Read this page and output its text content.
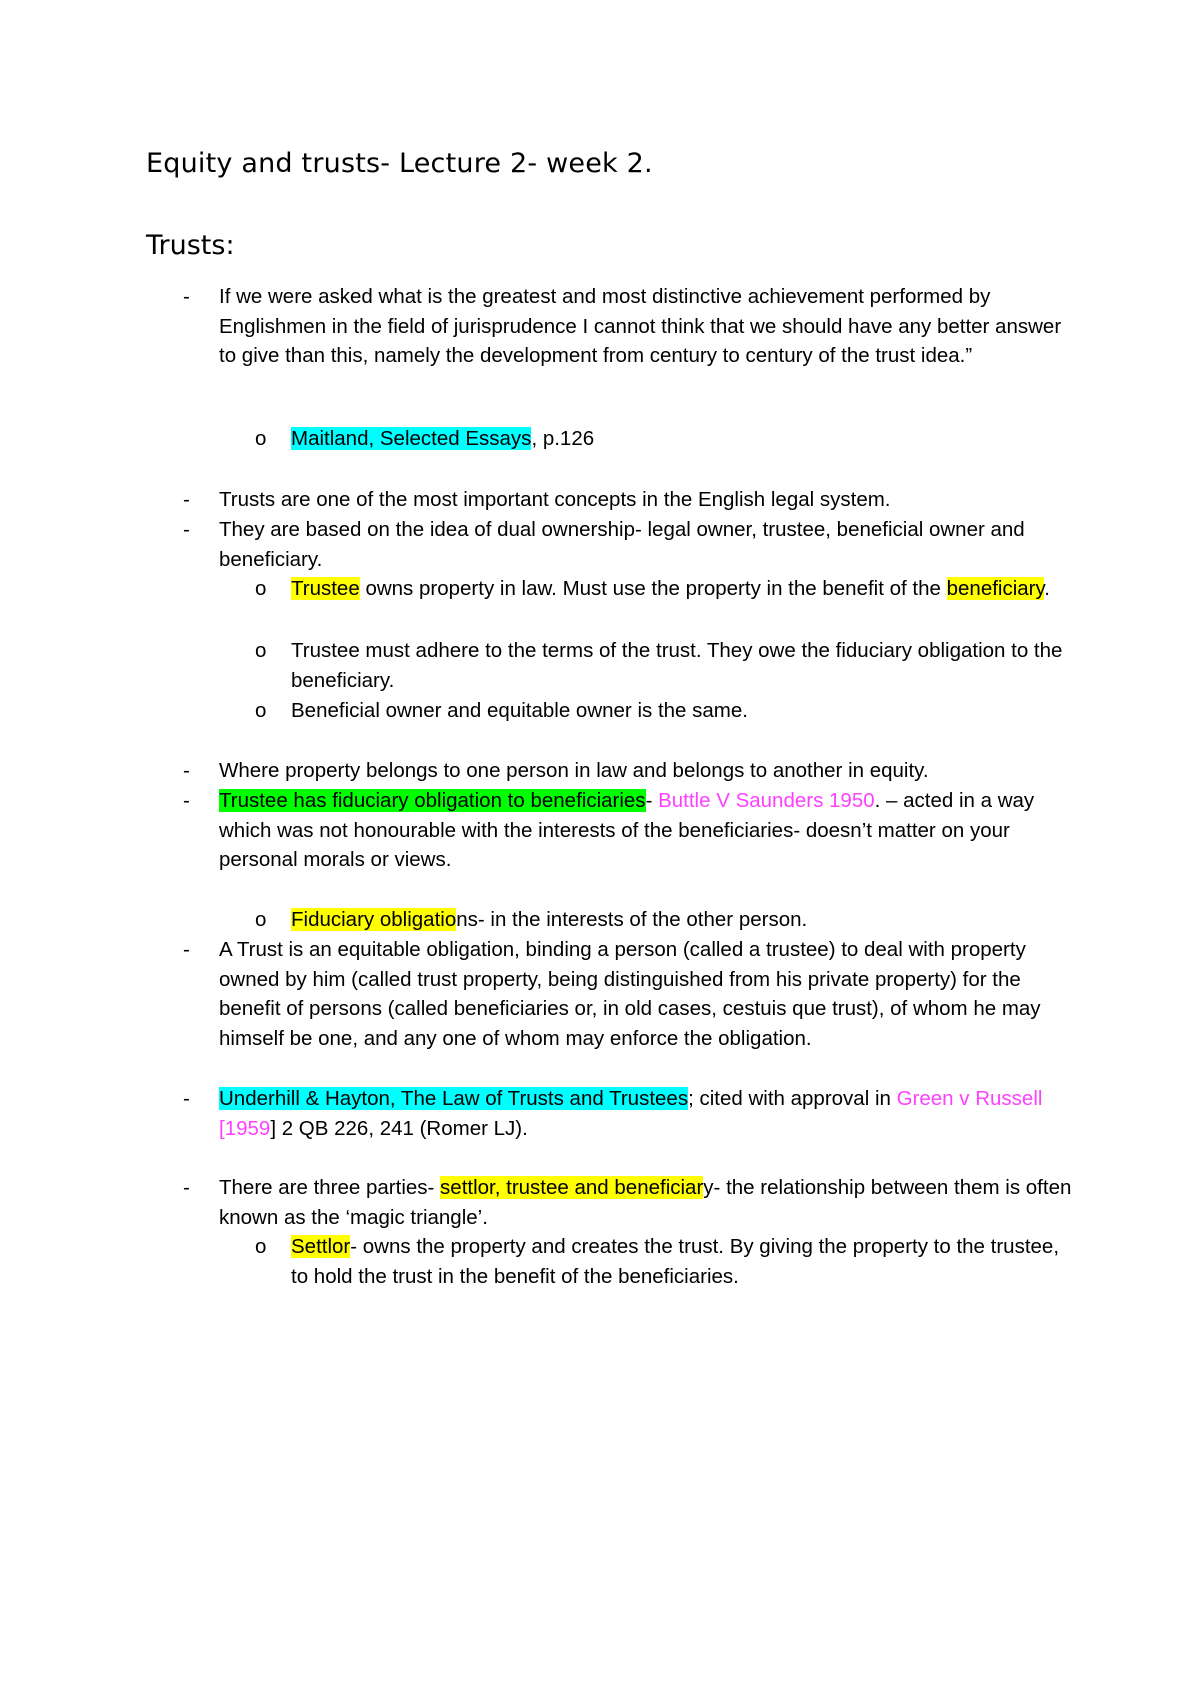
Equity and trusts- Lecture 2- week 2.
Trusts:
- If we were asked what is the greatest and most distinctive achievement performed by Englishmen in the field of jurisprudence I cannot think that we should have any better answer to give than this, namely the development from century to century of the trust idea.”
o Maitland, Selected Essays, p.126
- Trusts are one of the most important concepts in the English legal system.
- They are based on the idea of dual ownership- legal owner, trustee, beneficial owner and beneficiary.
o Trustee owns property in law. Must use the property in the benefit of the beneficiary.
o Trustee must adhere to the terms of the trust. They owe the fiduciary obligation to the beneficiary.
o Beneficial owner and equitable owner is the same.
- Where property belongs to one person in law and belongs to another in equity.
- Trustee has fiduciary obligation to beneficiaries- Buttle V Saunders 1950. – acted in a way which was not honourable with the interests of the beneficiaries- doesn’t matter on your personal morals or views.
o Fiduciary obligations- in the interests of the other person.
- A Trust is an equitable obligation, binding a person (called a trustee) to deal with property owned by him (called trust property, being distinguished from his private property) for the benefit of persons (called beneficiaries or, in old cases, cestuis que trust), of whom he may himself be one, and any one of whom may enforce the obligation.
- Underhill & Hayton, The Law of Trusts and Trustees; cited with approval in Green v Russell [1959] 2 QB 226, 241 (Romer LJ).
- There are three parties- settlor, trustee and beneficiary- the relationship between them is often known as the ‘magic triangle’.
o Settlor- owns the property and creates the trust. By giving the property to the trustee, to hold the trust in the benefit of the beneficiaries.
